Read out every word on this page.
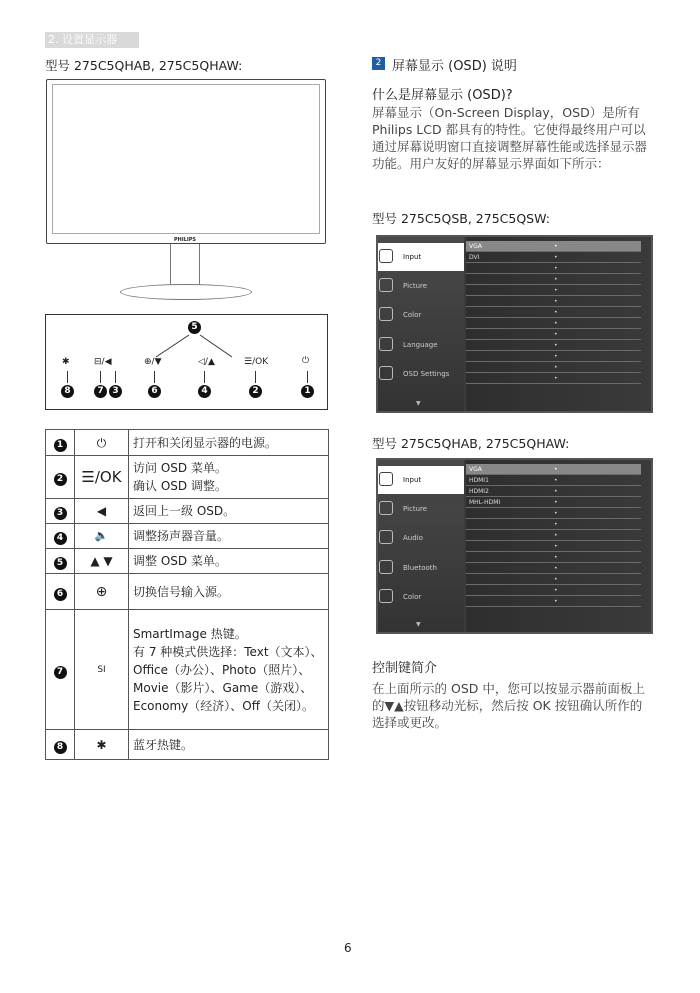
2. 设置显示器
型号 275C5QHAB, 275C5QHAW:
PHILIPS
5
✱	⊟/◀	⊕/▼	◁/▲	☰/OK	⏻
8	7 3	6	4	2	1
1	⏻	打开和关闭显示器的电源。
2	☰/OK	访问 OSD 菜单。
确认 OSD 调整。

3	◀	返回上一级 OSD。
4	🔈	调整扬声器音量。
5	▲ ▼	调整 OSD 菜单。
6	⊕	切换信号输入源。
7	SI	SmartImage 热键。
有 7 种模式供选择：Text（文本）、Office（办公）、Photo（照片）、Movie（影片）、Game（游戏）、Economy（经济）、Off（关闭）。

8	✱	蓝牙热键。
2 屏幕显示 (OSD) 说明
什么是屏幕显示 (OSD)?
屏幕显示（On-Screen Display，OSD）是所有 Philips LCD 都具有的特性。它使得最终用户可以通过屏幕说明窗口直接调整屏幕性能或选择显示器功能。用户友好的屏幕显示界面如下所示：
型号 275C5QSB, 275C5QSW:
Input
Picture
Color
Language
OSD Settings
▼
VGA	•
DVI	•
•
•
•
•
•
•
•
•
•
•
•
型号 275C5QHAB, 275C5QHAW:
Input
Picture
Audio
Bluetooth
Color
▼
VGA	•
HDMI1	•
HDMI2	•
MHL-HDMI	•
•
•
•
•
•
•
•
•
•
控制键简介
在上面所示的 OSD 中，您可以按显示器前面板上的▼▲按钮移动光标，然后按 OK 按钮确认所作的选择或更改。
6
